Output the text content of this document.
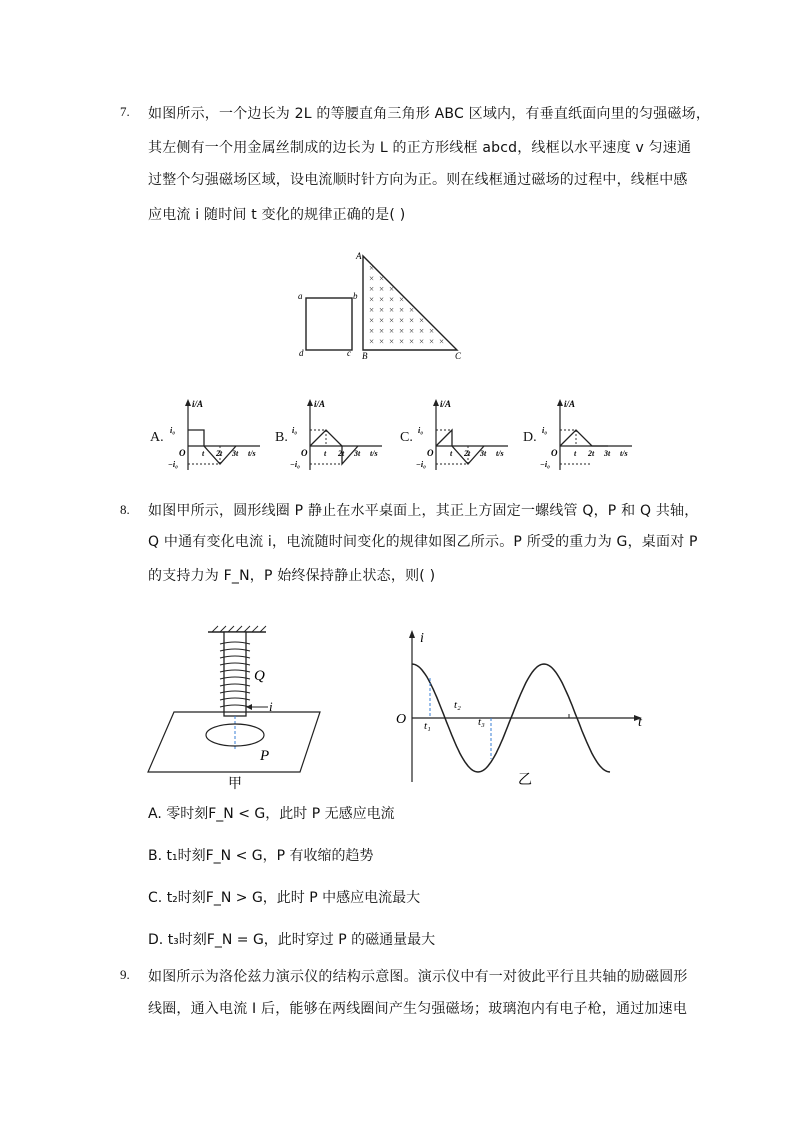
7. 如图所示，一个边长为 2L 的等腰直角三角形 ABC 区域内，有垂直纸面向里的匀强磁场，
其左侧有一个用金属丝制成的边长为 L 的正方形线框 abcd，线框以水平速度 v 匀速通
过整个匀强磁场区域，设电流顺时针方向为正。则在线框通过磁场的过程中，线框中感
应电流 i 随时间 t 变化的规律正确的是( )
a	b
d	c
A
B	C
×
× ×
× × ×
× × × ×
× × × × ×
× × × × × ×
× × × × × × ×
× × × × × × × ×
A.	B.	C.	D.
i/A
i₀
−i₀
O t 2t 3t t/s
i/A
i₀
−i₀
O t 2t 3t t/s
i/A
i₀
−i₀
O t 2t 3t t/s
i/A
i₀
−i₀
O t 2t 3t t/s
8. 如图甲所示，圆形线圈 P 静止在水平桌面上，其正上方固定一螺线管 Q，P 和 Q 共轴，
Q 中通有变化电流 i，电流随时间变化的规律如图乙所示。P 所受的重力为 G，桌面对 P
的支持力为 F_N，P 始终保持静止状态，则( )
Q
i
P
甲
i
t
O t₁
t₂
t₃
乙
A. 零时刻F_N < G，此时 P 无感应电流
B. t₁时刻F_N < G，P 有收缩的趋势
C. t₂时刻F_N > G，此时 P 中感应电流最大
D. t₃时刻F_N = G，此时穿过 P 的磁通量最大
9. 如图所示为洛伦兹力演示仪的结构示意图。演示仪中有一对彼此平行且共轴的励磁圆形
线圈，通入电流 I 后，能够在两线圈间产生匀强磁场；玻璃泡内有电子枪，通过加速电
